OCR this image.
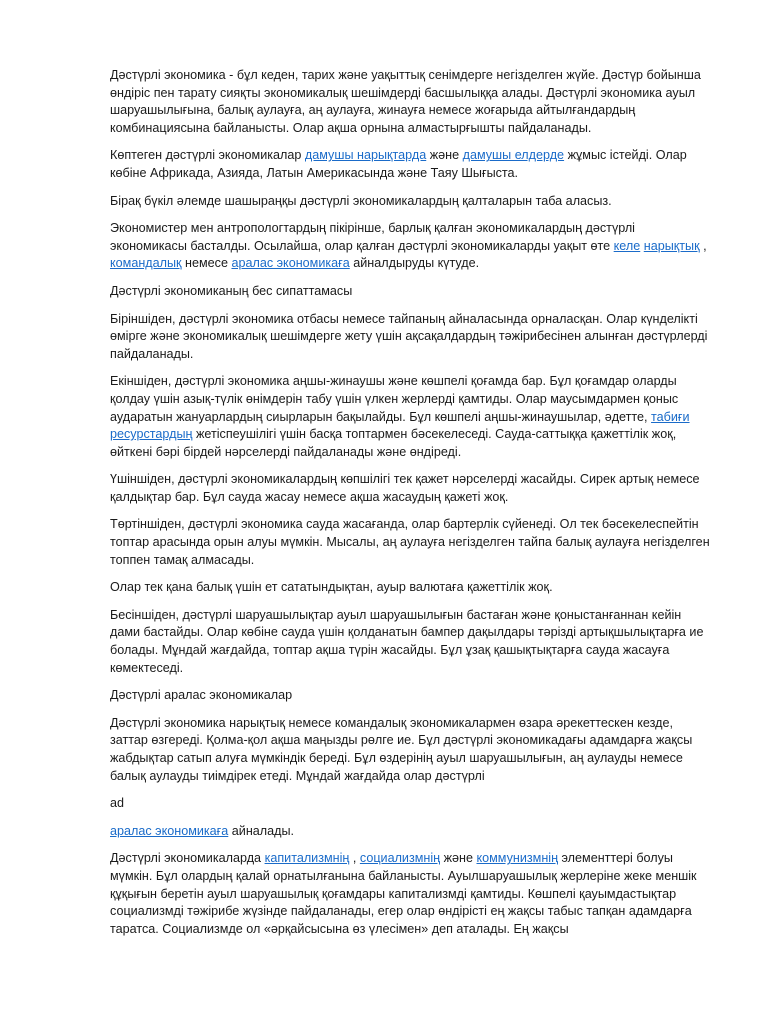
Дәстүрлі экономика - бұл кеден, тарих және уақыттық сенімдерге негізделген жүйе. Дәстүр бойынша өндіріс пен тарату сияқты экономикалық шешімдерді басшылыққа алады. Дәстүрлі экономика ауыл шаруашылығына, балық аулауға, аң аулауға, жинауға немесе жоғарыда айтылғандардың комбинациясына байланысты. Олар ақша орнына алмастырғышты пайдаланады.

Көптеген дәстүрлі экономикалар дамушы нарықтарда және дамушы елдерде жұмыс істейді. Олар көбіне Африкада, Азияда, Латын Америкасында және Таяу Шығыста.

Бірақ бүкіл әлемде шашыраңқы дәстүрлі экономикалардың қалталарын таба аласыз.

Экономистер мен антропологтардың пікірінше, барлық қалған экономикалардың дәстүрлі экономикасы басталды. Осылайша, олар қалған дәстүрлі экономикаларды уақыт өте келе нарықтық , командалық немесе аралас экономикаға айналдыруды күтуде.

Дәстүрлі экономиканың бес сипаттамасы

Біріншіден, дәстүрлі экономика отбасы немесе тайпаның айналасында орналасқан. Олар күнделікті өмірге және экономикалық шешімдерге жету үшін ақсақалдардың тәжірибесінен алынған дәстүрлерді пайдаланады.

Екіншіден, дәстүрлі экономика аңшы-жинаушы және көшпелі қоғамда бар. Бұл қоғамдар оларды қолдау үшін азық-түлік өнімдерін табу үшін үлкен жерлерді қамтиды. Олар маусымдармен қоныс аударатын жануарлардың сиырларын бақылайды. Бұл көшпелі аңшы-жинаушылар, әдетте, табиғи ресурстардың жетіспеушілігі үшін басқа топтармен бәсекелеседі. Сауда-саттыққа қажеттілік жоқ, өйткені бәрі бірдей нәрселерді пайдаланады және өндіреді.

Үшіншіден, дәстүрлі экономикалардың көпшілігі тек қажет нәрселерді жасайды. Сирек артық немесе қалдықтар бар. Бұл сауда жасау немесе ақша жасаудың қажеті жоқ.

Төртіншіден, дәстүрлі экономика сауда жасағанда, олар бартерлік сүйенеді. Ол тек бәсекелеспейтін топтар арасында орын алуы мүмкін. Мысалы, аң аулауға негізделген тайпа балық аулауға негізделген топпен тамақ алмасады.

Олар тек қана балық үшін ет сататындықтан, ауыр валютаға қажеттілік жоқ.

Бесіншіден, дәстүрлі шаруашылықтар ауыл шаруашылығын бастаған және қоныстанғаннан кейін дами бастайды. Олар көбіне сауда үшін қолданатын бампер дақылдары тәрізді артықшылықтарға ие болады. Мұндай жағдайда, топтар ақша түрін жасайды. Бұл ұзақ қашықтықтарға сауда жасауға көмектеседі.

Дәстүрлі аралас экономикалар

Дәстүрлі экономика нарықтық немесе командалық экономикалармен өзара әрекеттескен кезде, заттар өзгереді. Қолма-қол ақша маңызды рөлге ие. Бұл дәстүрлі экономикадағы адамдарға жақсы жабдықтар сатып алуға мүмкіндік береді. Бұл өздерінің ауыл шаруашылығын, аң аулауды немесе балық аулауды тиімдірек етеді. Мұндай жағдайда олар дәстүрлі

ad

аралас экономикаға айналады.

Дәстүрлі экономикаларда капитализмнің , социализмнің және коммунизмнің элементтері болуы мүмкін. Бұл олардың қалай орнатылғанына байланысты. Ауылшаруашылық жерлеріне жеке меншік құқығын беретін ауыл шаруашылық қоғамдары капитализмді қамтиды. Көшпелі қауымдастықтар социализмді тәжірибе жүзінде пайдаланады, егер олар өндірісті ең жақсы табыс тапқан адамдарға таратса. Социализмде ол «әрқайсысына өз үлесімен» деп аталады. Ең жақсы
